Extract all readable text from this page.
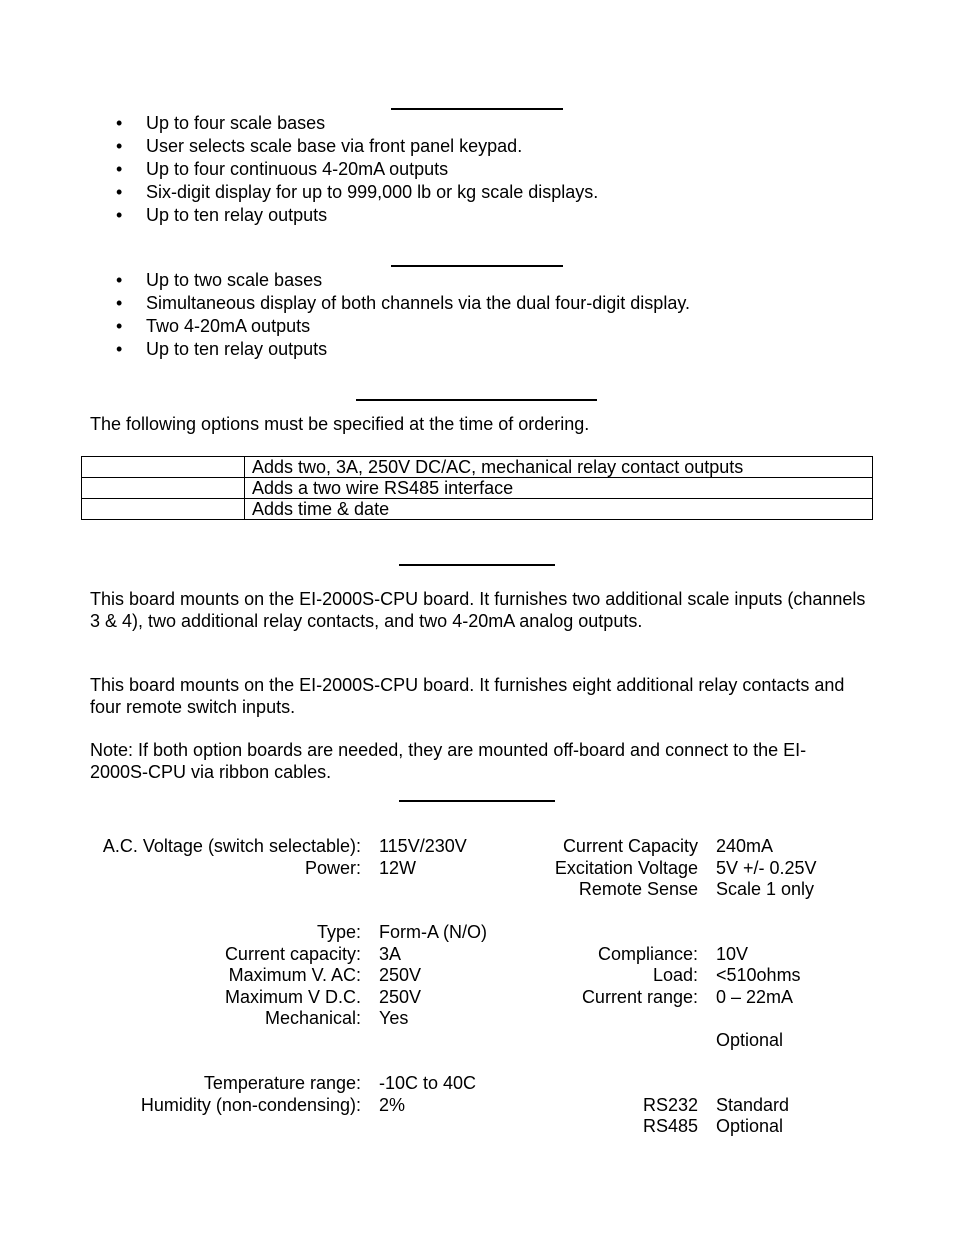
• Up to four scale bases
• User selects scale base via front panel keypad.
• Up to four continuous 4-20mA outputs
• Six-digit display for up to 999,000 lb or kg scale displays.
• Up to ten relay outputs
• Up to two scale bases
• Simultaneous display of both channels via the dual four-digit display.
• Two 4-20mA outputs
• Up to ten relay outputs
The following options must be specified at the time of ordering.
	Adds two, 3A, 250V DC/AC, mechanical relay contact outputs
	Adds a two wire RS485 interface
	Adds time & date
This board mounts on the EI-2000S-CPU board. It furnishes two additional scale inputs (channels 3 & 4), two additional relay contacts, and two 4-20mA analog outputs.
This board mounts on the EI-2000S-CPU board. It furnishes eight additional relay contacts and four remote switch inputs.
Note: If both option boards are needed, they are mounted off-board and connect to the EI-2000S-CPU via ribbon cables.
A.C. Voltage (switch selectable): 115V/230V
Power: 12W
Current Capacity 240mA
Excitation Voltage 5V +/- 0.25V
Remote Sense Scale 1 only
Type: Form-A (N/O)
Current capacity: 3A
Maximum V. AC: 250V
Maximum V D.C. 250V
Mechanical: Yes
Compliance: 10V
Load: <510ohms
Current range: 0 – 22mA
Optional
Temperature range: -10C to 40C
Humidity (non-condensing): 2%	RS232 Standard
RS485 Optional
